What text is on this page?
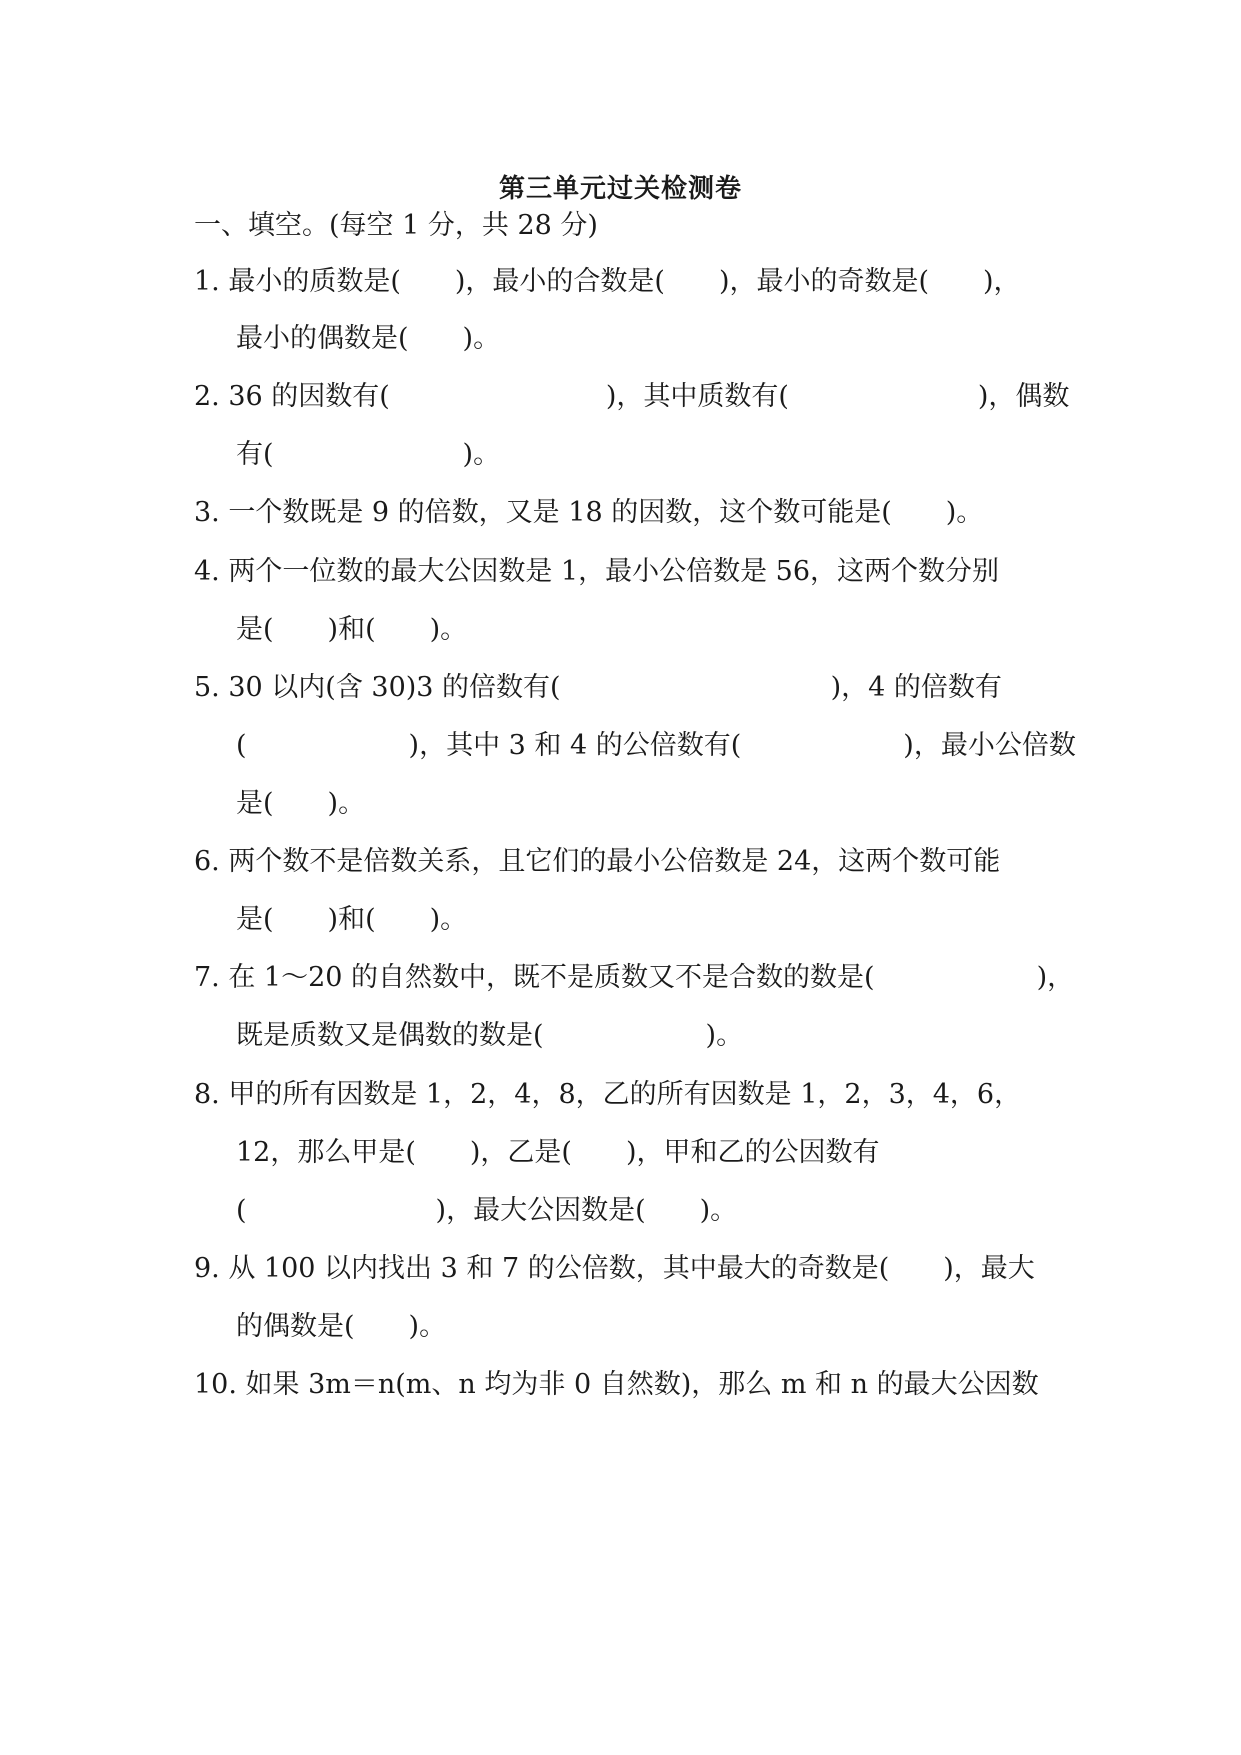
第三单元过关检测卷
一、填空。(每空 1 分，共 28 分)
1. 最小的质数是(　　)，最小的合数是(　　)，最小的奇数是(　　)，
最小的偶数是(　　)。
2. 36 的因数有(　　　　　　　　)，其中质数有(　　　　　　　)，偶数
有(　　　　　　　)。
3. 一个数既是 9 的倍数，又是 18 的因数，这个数可能是(　　)。
4. 两个一位数的最大公因数是 1，最小公倍数是 56，这两个数分别
是(　　)和(　　)。
5. 30 以内(含 30)3 的倍数有(　　　　　　　　　　)，4 的倍数有
(　　　　　　)，其中 3 和 4 的公倍数有(　　　　　　)，最小公倍数
是(　　)。
6. 两个数不是倍数关系，且它们的最小公倍数是 24，这两个数可能
是(　　)和(　　)。
7. 在 1～20 的自然数中，既不是质数又不是合数的数是(　　　　　　)，
既是质数又是偶数的数是(　　　　　　)。
8. 甲的所有因数是 1，2，4，8，乙的所有因数是 1，2，3，4，6，
12，那么甲是(　　)，乙是(　　)，甲和乙的公因数有
(　　　　　　　)，最大公因数是(　　)。
9. 从 100 以内找出 3 和 7 的公倍数，其中最大的奇数是(　　)，最大
的偶数是(　　)。
10. 如果 3m＝n(m、n 均为非 0 自然数)，那么 m 和 n 的最大公因数
